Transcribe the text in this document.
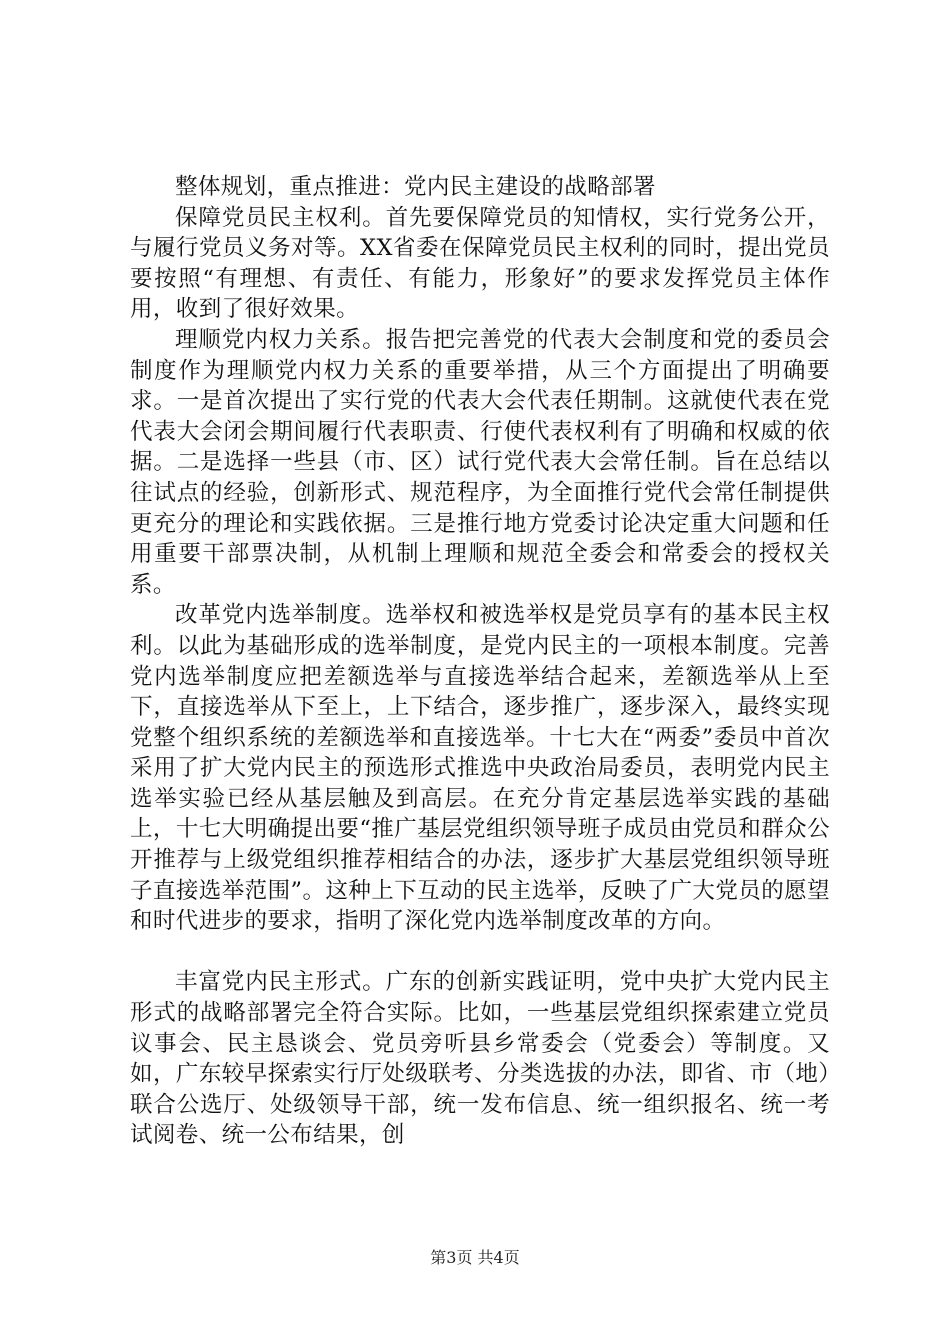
整体规划，重点推进：党内民主建设的战略部署

保障党员民主权利。首先要保障党员的知情权，实行党务公开，与履行党员义务对等。XX省委在保障党员民主权利的同时，提出党员要按照“有理想、有责任、有能力，形象好”的要求发挥党员主体作用，收到了很好效果。

理顺党内权力关系。报告把完善党的代表大会制度和党的委员会制度作为理顺党内权力关系的重要举措，从三个方面提出了明确要求。一是首次提出了实行党的代表大会代表任期制。这就使代表在党代表大会闭会期间履行代表职责、行使代表权利有了明确和权威的依据。二是选择一些县（市、区）试行党代表大会常任制。旨在总结以往试点的经验，创新形式、规范程序，为全面推行党代会常任制提供更充分的理论和实践依据。三是推行地方党委讨论决定重大问题和任用重要干部票决制，从机制上理顺和规范全委会和常委会的授权关系。

改革党内选举制度。选举权和被选举权是党员享有的基本民主权利。以此为基础形成的选举制度，是党内民主的一项根本制度。完善党内选举制度应把差额选举与直接选举结合起来，差额选举从上至下，直接选举从下至上，上下结合，逐步推广，逐步深入，最终实现党整个组织系统的差额选举和直接选举。十七大在“两委”委员中首次采用了扩大党内民主的预选形式推选中央政治局委员，表明党内民主选举实验已经从基层触及到高层。在充分肯定基层选举实践的基础上，十七大明确提出要“推广基层党组织领导班子成员由党员和群众公开推荐与上级党组织推荐相结合的办法，逐步扩大基层党组织领导班子直接选举范围”。这种上下互动的民主选举，反映了广大党员的愿望和时代进步的要求，指明了深化党内选举制度改革的方向。

丰富党内民主形式。广东的创新实践证明，党中央扩大党内民主形式的战略部署完全符合实际。比如，一些基层党组织探索建立党员议事会、民主恳谈会、党员旁听县乡常委会（党委会）等制度。又如，广东较早探索实行厅处级联考、分类选拔的办法，即省、市（地）联合公选厅、处级领导干部，统一发布信息、统一组织报名、统一考试阅卷、统一公布结果，创

第3页 共4页
